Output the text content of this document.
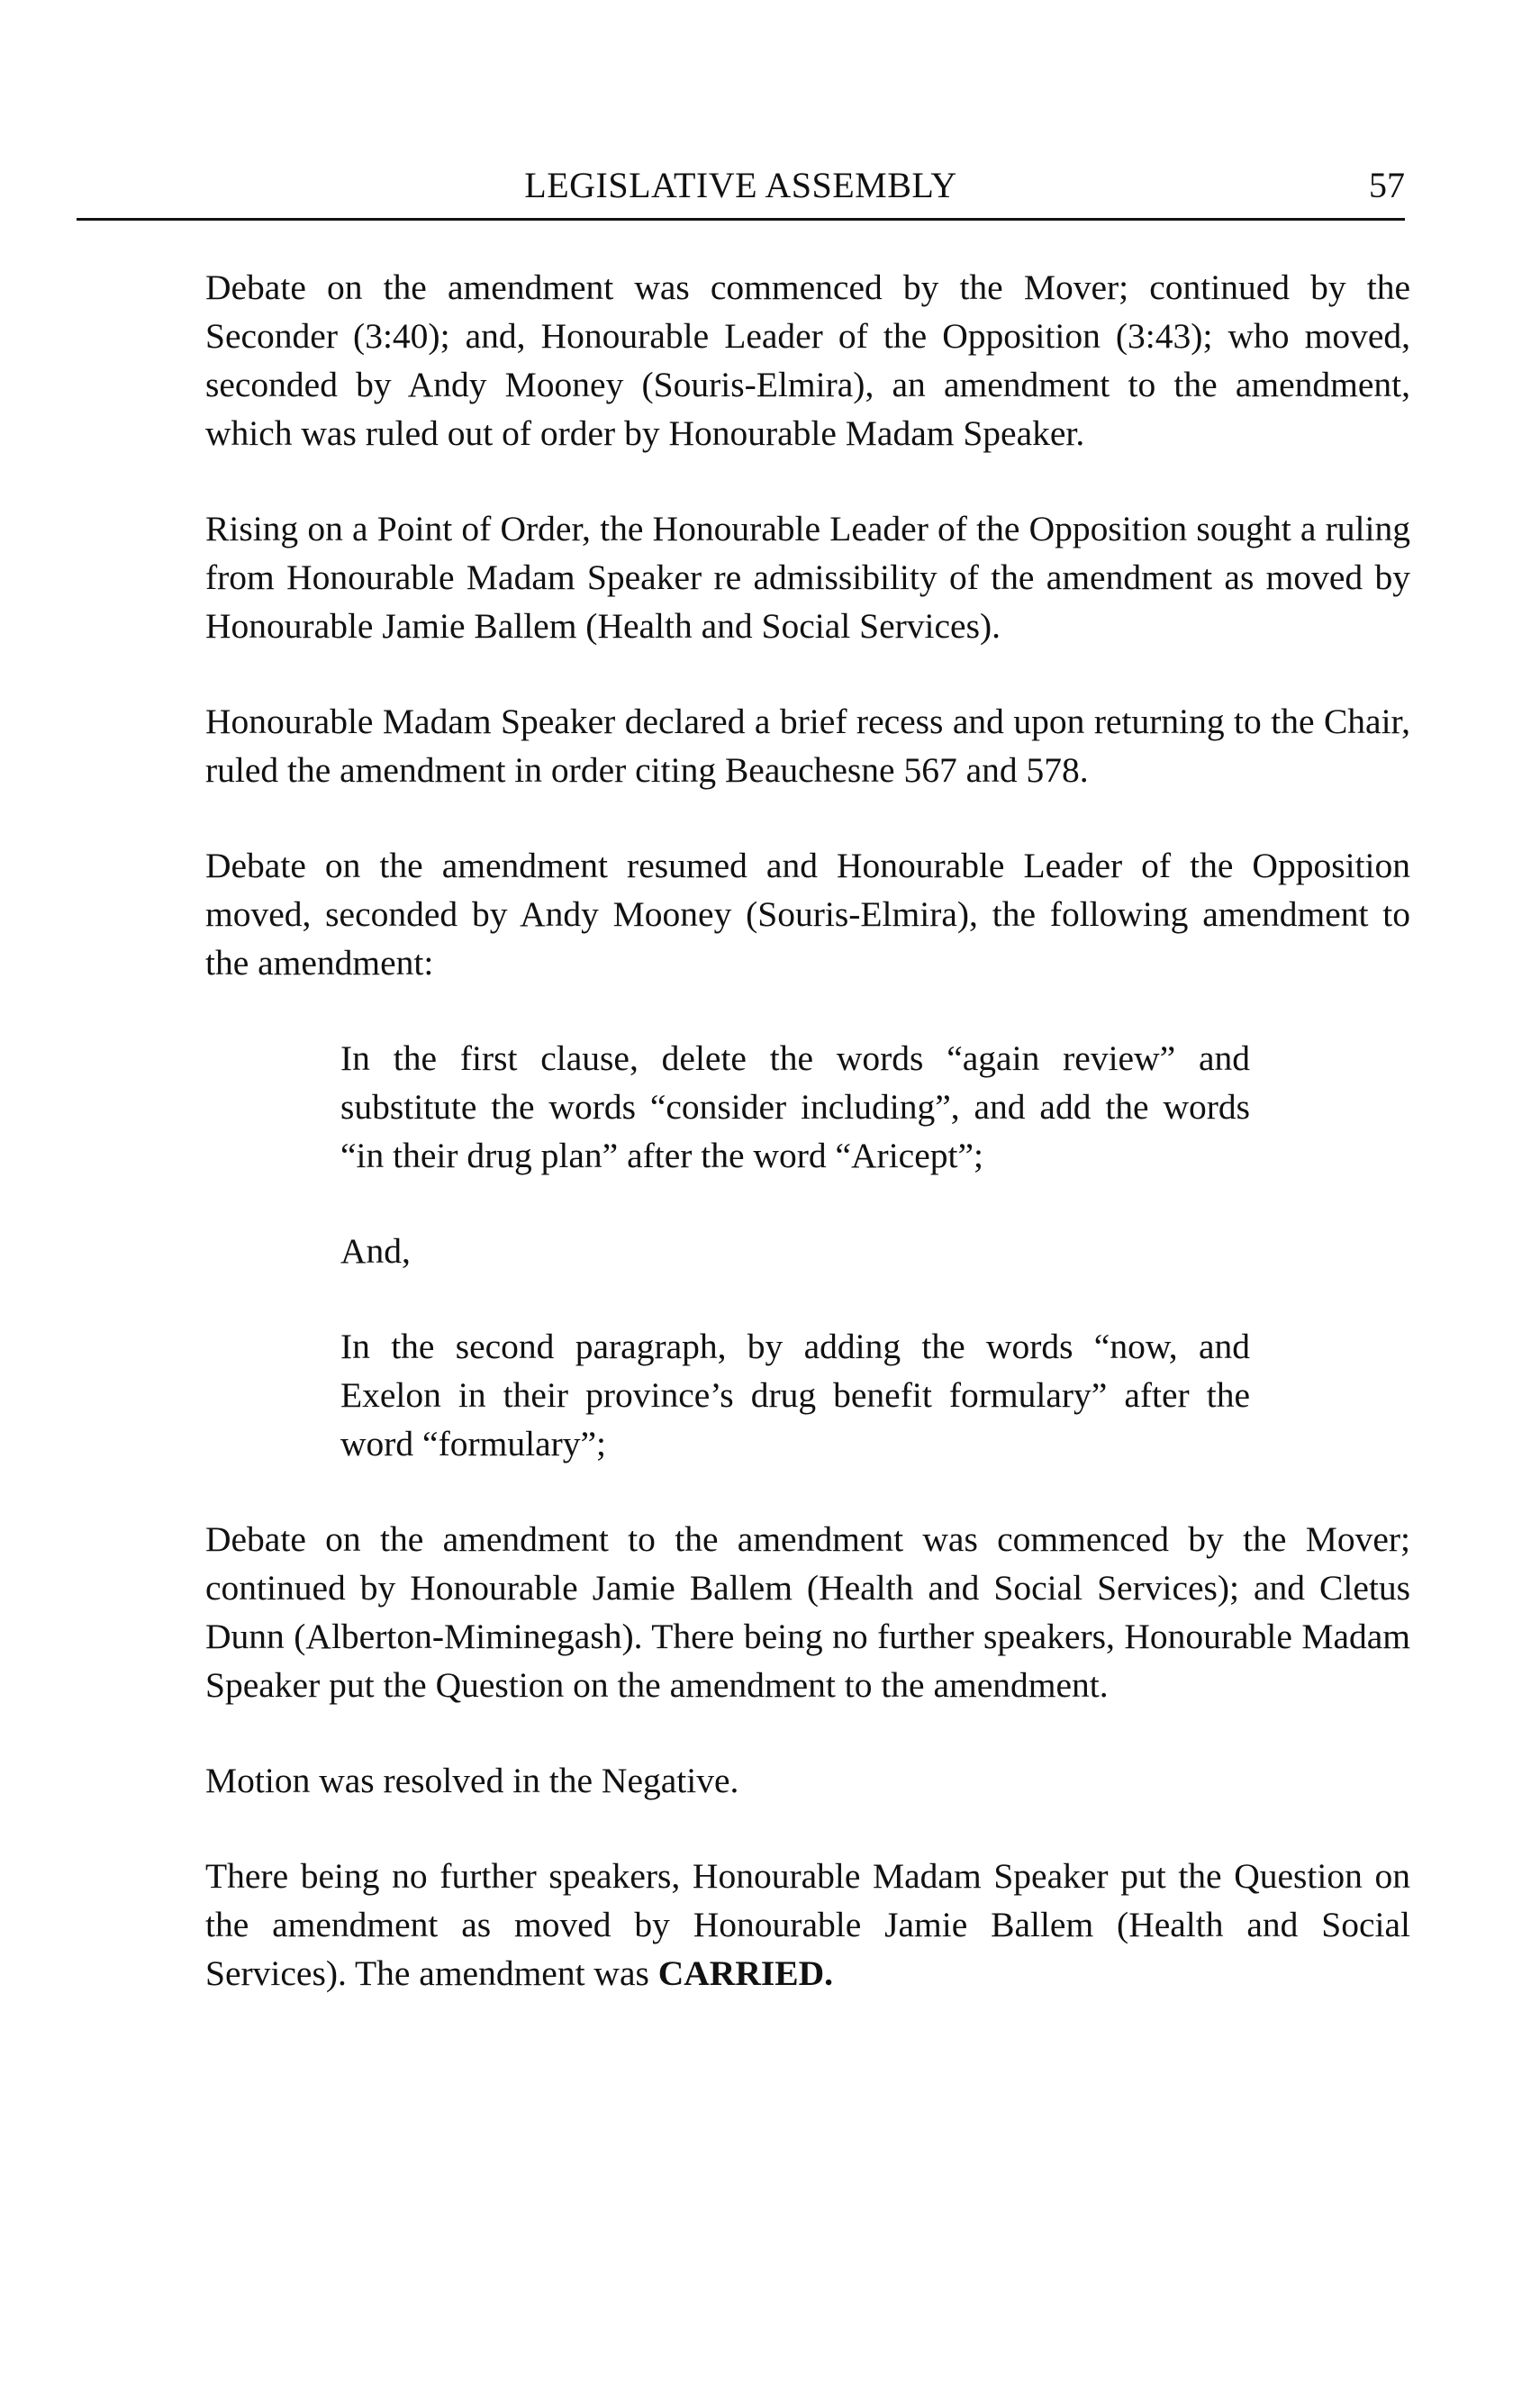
LEGISLATIVE ASSEMBLY	57

Debate on the amendment was commenced by the Mover; continued by the Seconder (3:40); and, Honourable Leader of the Opposition (3:43); who moved, seconded by Andy Mooney (Souris-Elmira), an amendment to the amendment, which was ruled out of order by Honourable Madam Speaker.

Rising on a Point of Order, the Honourable Leader of the Opposition sought a ruling from Honourable Madam Speaker re admissibility of the amendment as moved by Honourable Jamie Ballem (Health and Social Services).

Honourable Madam Speaker declared a brief recess and upon returning to the Chair, ruled the amendment in order citing Beauchesne 567 and 578.

Debate on the amendment resumed and Honourable Leader of the Opposition moved, seconded by Andy Mooney (Souris-Elmira), the following amendment to the amendment:

In the first clause, delete the words “again review” and substitute the words “consider including”, and add the words “in their drug plan” after the word “Aricept”;

And,

In the second paragraph, by adding the words “now, and Exelon in their province’s drug benefit formulary” after the word “formulary”;

Debate on the amendment to the amendment was commenced by the Mover; continued by Honourable Jamie Ballem (Health and Social Services); and Cletus Dunn (Alberton-Miminegash). There being no further speakers, Honourable Madam Speaker put the Question on the amendment to the amendment.

Motion was resolved in the Negative.

There being no further speakers, Honourable Madam Speaker put the Question on the amendment as moved by Honourable Jamie Ballem (Health and Social Services). The amendment was CARRIED.
